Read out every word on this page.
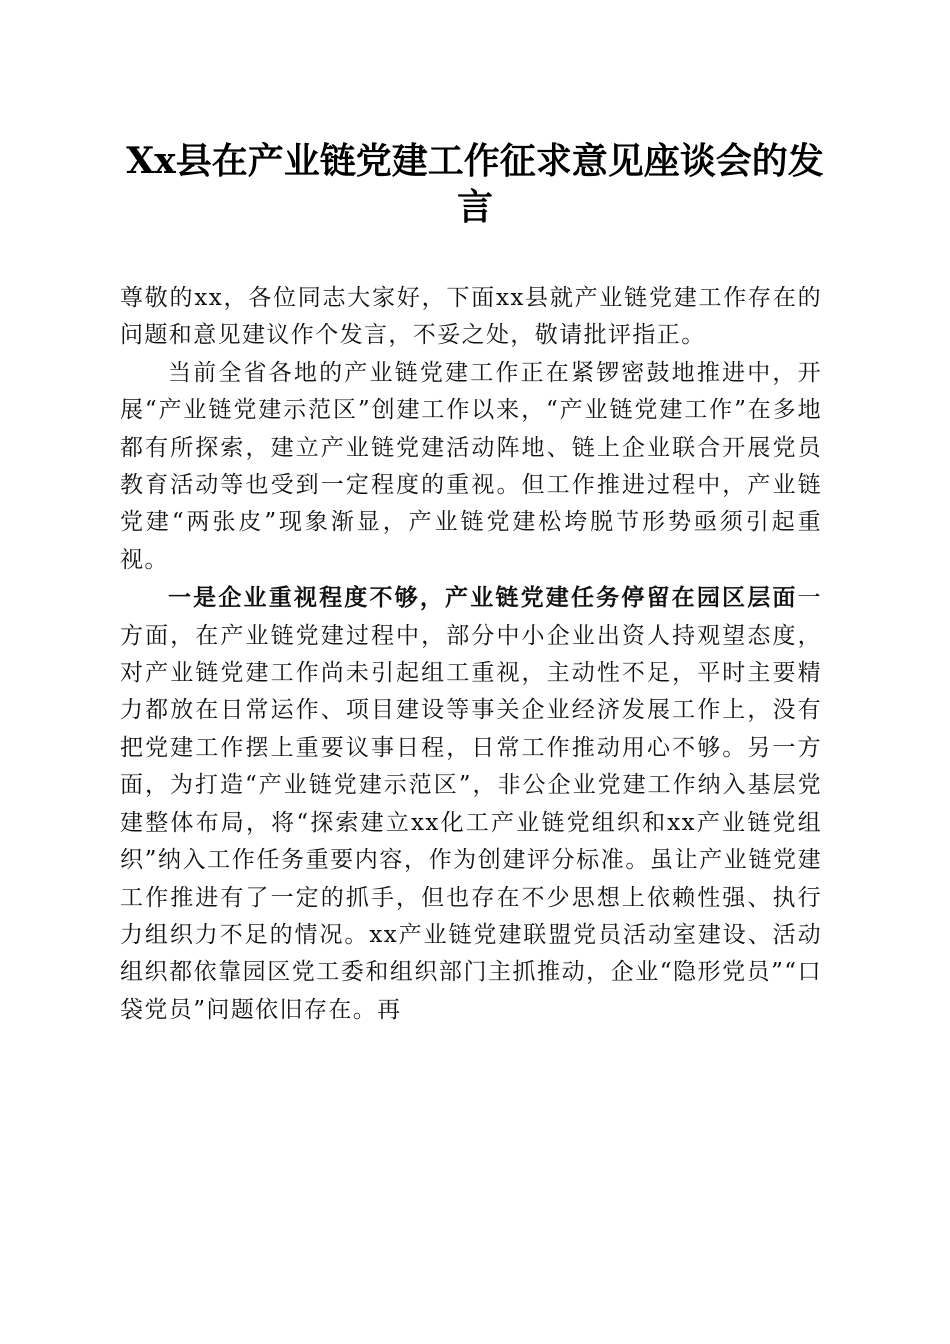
Xx县在产业链党建工作征求意见座谈会的发言

尊敬的xx，各位同志大家好，下面xx县就产业链党建工作存在的问题和意见建议作个发言，不妥之处，敬请批评指正。

当前全省各地的产业链党建工作正在紧锣密鼓地推进中，开展“产业链党建示范区”创建工作以来，“产业链党建工作”在多地都有所探索，建立产业链党建活动阵地、链上企业联合开展党员教育活动等也受到一定程度的重视。但工作推进过程中，产业链党建“两张皮”现象渐显，产业链党建松垮脱节形势亟须引起重视。

一是企业重视程度不够，产业链党建任务停留在园区层面一方面，在产业链党建过程中，部分中小企业出资人持观望态度，对产业链党建工作尚未引起组工重视，主动性不足，平时主要精力都放在日常运作、项目建设等事关企业经济发展工作上，没有把党建工作摆上重要议事日程，日常工作推动用心不够。另一方面，为打造“产业链党建示范区”，非公企业党建工作纳入基层党建整体布局，将“探索建立xx化工产业链党组织和xx产业链党组织”纳入工作任务重要内容，作为创建评分标准。虽让产业链党建工作推进有了一定的抓手，但也存在不少思想上依赖性强、执行力组织力不足的情况。xx产业链党建联盟党员活动室建设、活动组织都依靠园区党工委和组织部门主抓推动，企业“隐形党员”“口袋党员”问题依旧存在。再
